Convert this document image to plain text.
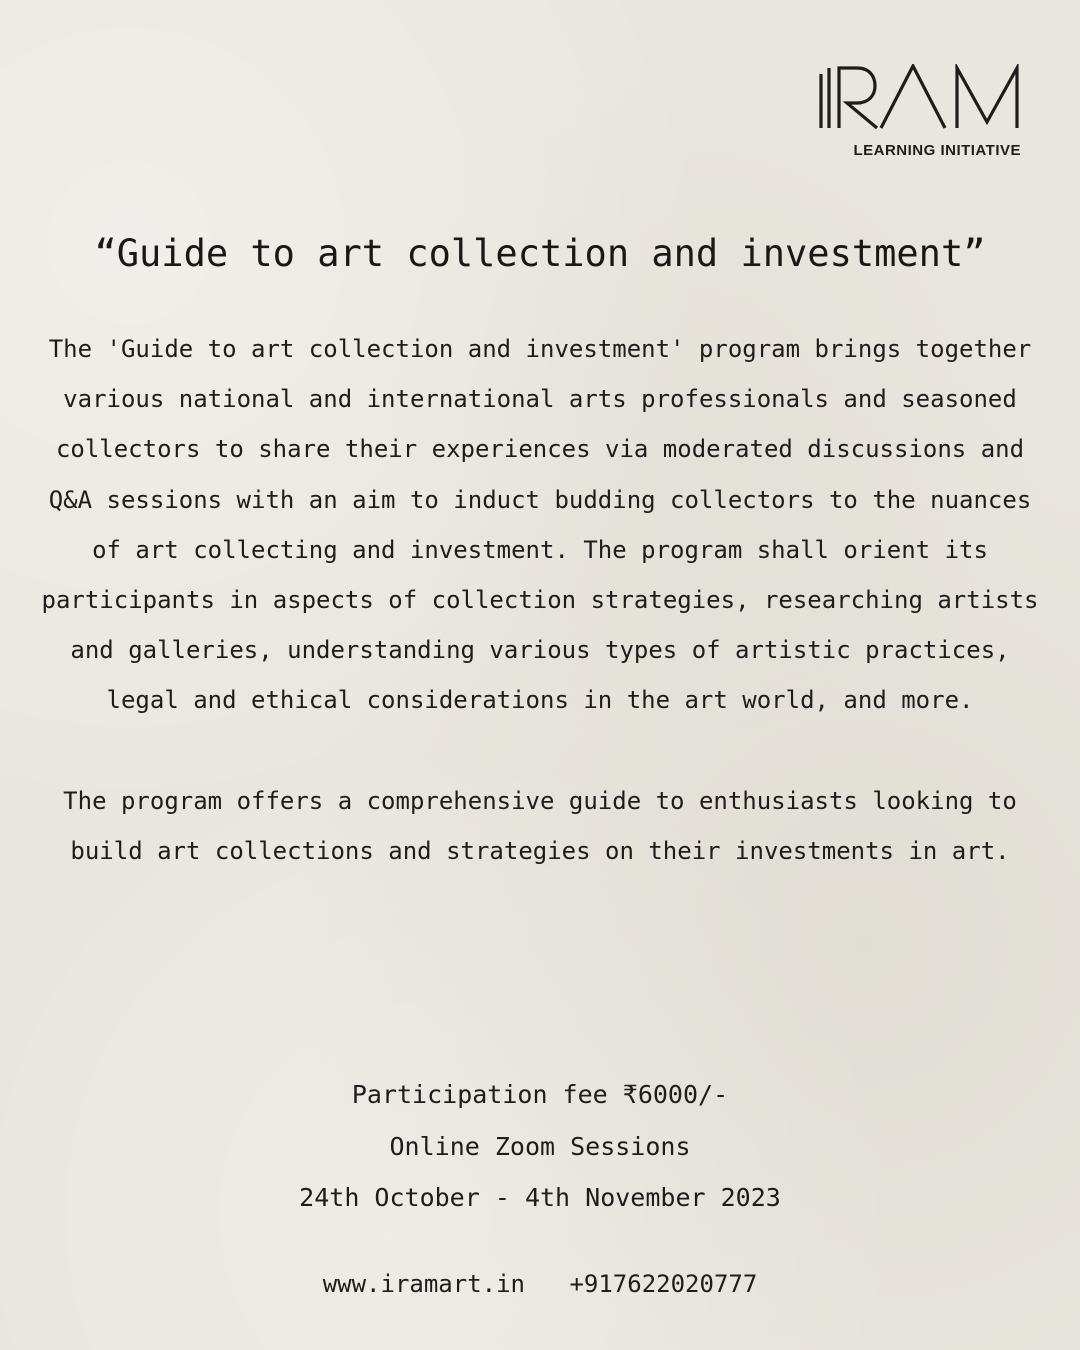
LEARNING INITIATIVE
“Guide to art collection and investment”

The 'Guide to art collection and investment' program brings together various national and international arts professionals and seasoned collectors to share their experiences via moderated discussions and Q&A sessions with an aim to induct budding collectors to the nuances of art collecting and investment. The program shall orient its participants in aspects of collection strategies, researching artists and galleries, understanding various types of artistic practices, legal and ethical considerations in the art world, and more.

The program offers a comprehensive guide to enthusiasts looking to build art collections and strategies on their investments in art.

Participation fee ₹6000/-
Online Zoom Sessions
24th October - 4th November 2023
www.iramart.in +917622020777
